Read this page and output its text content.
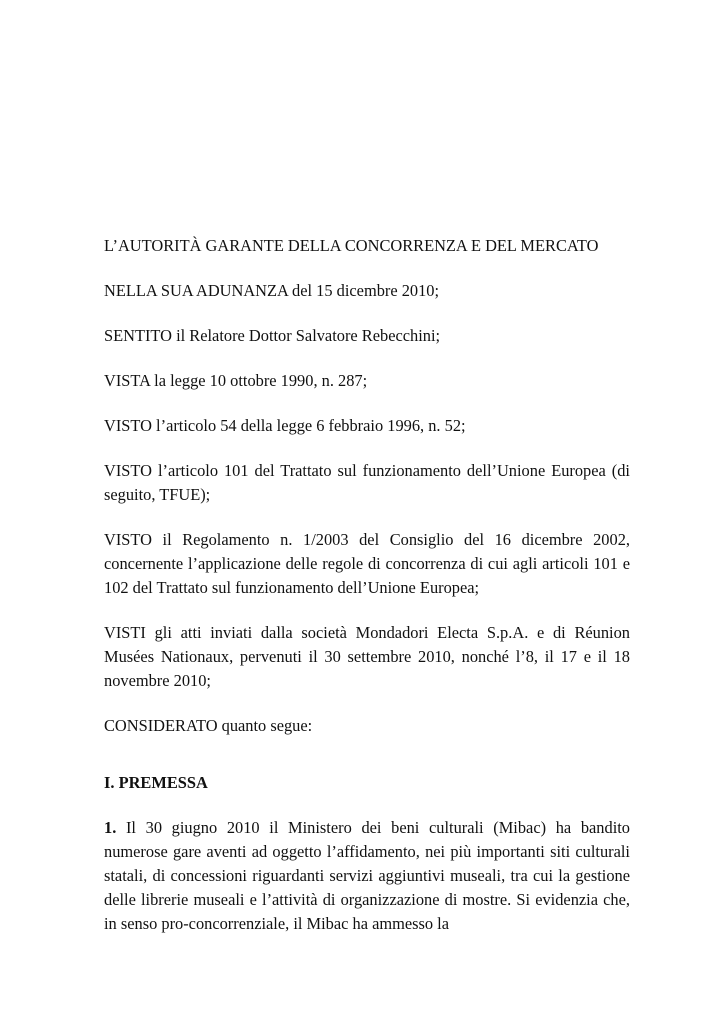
L’AUTORITÀ GARANTE DELLA CONCORRENZA E DEL MERCATO

NELLA SUA ADUNANZA del 15 dicembre 2010;

SENTITO il Relatore Dottor Salvatore Rebecchini;

VISTA la legge 10 ottobre 1990, n. 287;

VISTO l’articolo 54 della legge 6 febbraio 1996, n. 52;

VISTO l’articolo 101 del Trattato sul funzionamento dell’Unione Europea (di seguito, TFUE);

VISTO il Regolamento n. 1/2003 del Consiglio del 16 dicembre 2002, concernente l’applicazione delle regole di concorrenza di cui agli articoli 101 e 102 del Trattato sul funzionamento dell’Unione Europea;

VISTI gli atti inviati dalla società Mondadori Electa S.p.A. e di Réunion Musées Nationaux, pervenuti il 30 settembre 2010, nonché l’8, il 17 e il 18 novembre 2010;

CONSIDERATO quanto segue:

I. PREMESSA

1. Il 30 giugno 2010 il Ministero dei beni culturali (Mibac) ha bandito numerose gare aventi ad oggetto l’affidamento, nei più importanti siti culturali statali, di concessioni riguardanti servizi aggiuntivi museali, tra cui la gestione delle librerie museali e l’attività di organizzazione di mostre. Si evidenzia che, in senso pro-concorrenziale, il Mibac ha ammesso la
